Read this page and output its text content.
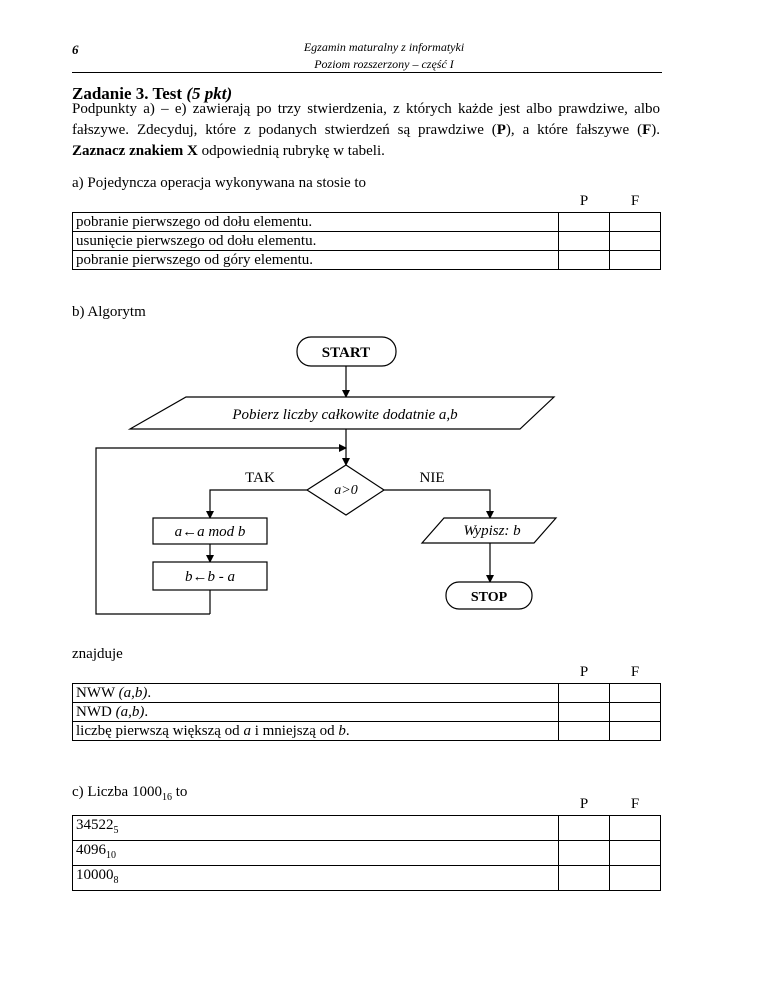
6	Egzamin maturalny z informatyki
Poziom rozszerzony – część I
Zadanie 3. Test (5 pkt)
Podpunkty a) – e) zawierają po trzy stwierdzenia, z których każde jest albo prawdziwe, albo fałszywe. Zdecyduj, które z podanych stwierdzeń są prawdziwe (P), a które fałszywe (F). Zaznacz znakiem X odpowiednią rubrykę w tabeli.
a) Pojedyncza operacja wykonywana na stosie to
	P	F
pobranie pierwszego od dołu elementu.		
usunięcie pierwszego od dołu elementu.		
pobranie pierwszego od góry elementu.		
b) Algorytm
START
Pobierz liczby całkowite dodatnie a,b
a>0
TAK	NIE
a←a mod b
b←b - a
Wypisz: b
STOP
znajduje
	P	F
NWW (a,b).		
NWD (a,b).		
liczbę pierwszą większą od a i mniejszą od b.		
c) Liczba $1000_{16}$ to
	P	F
$34522_5$		
$4096_{10}$		
$10000_8$		
